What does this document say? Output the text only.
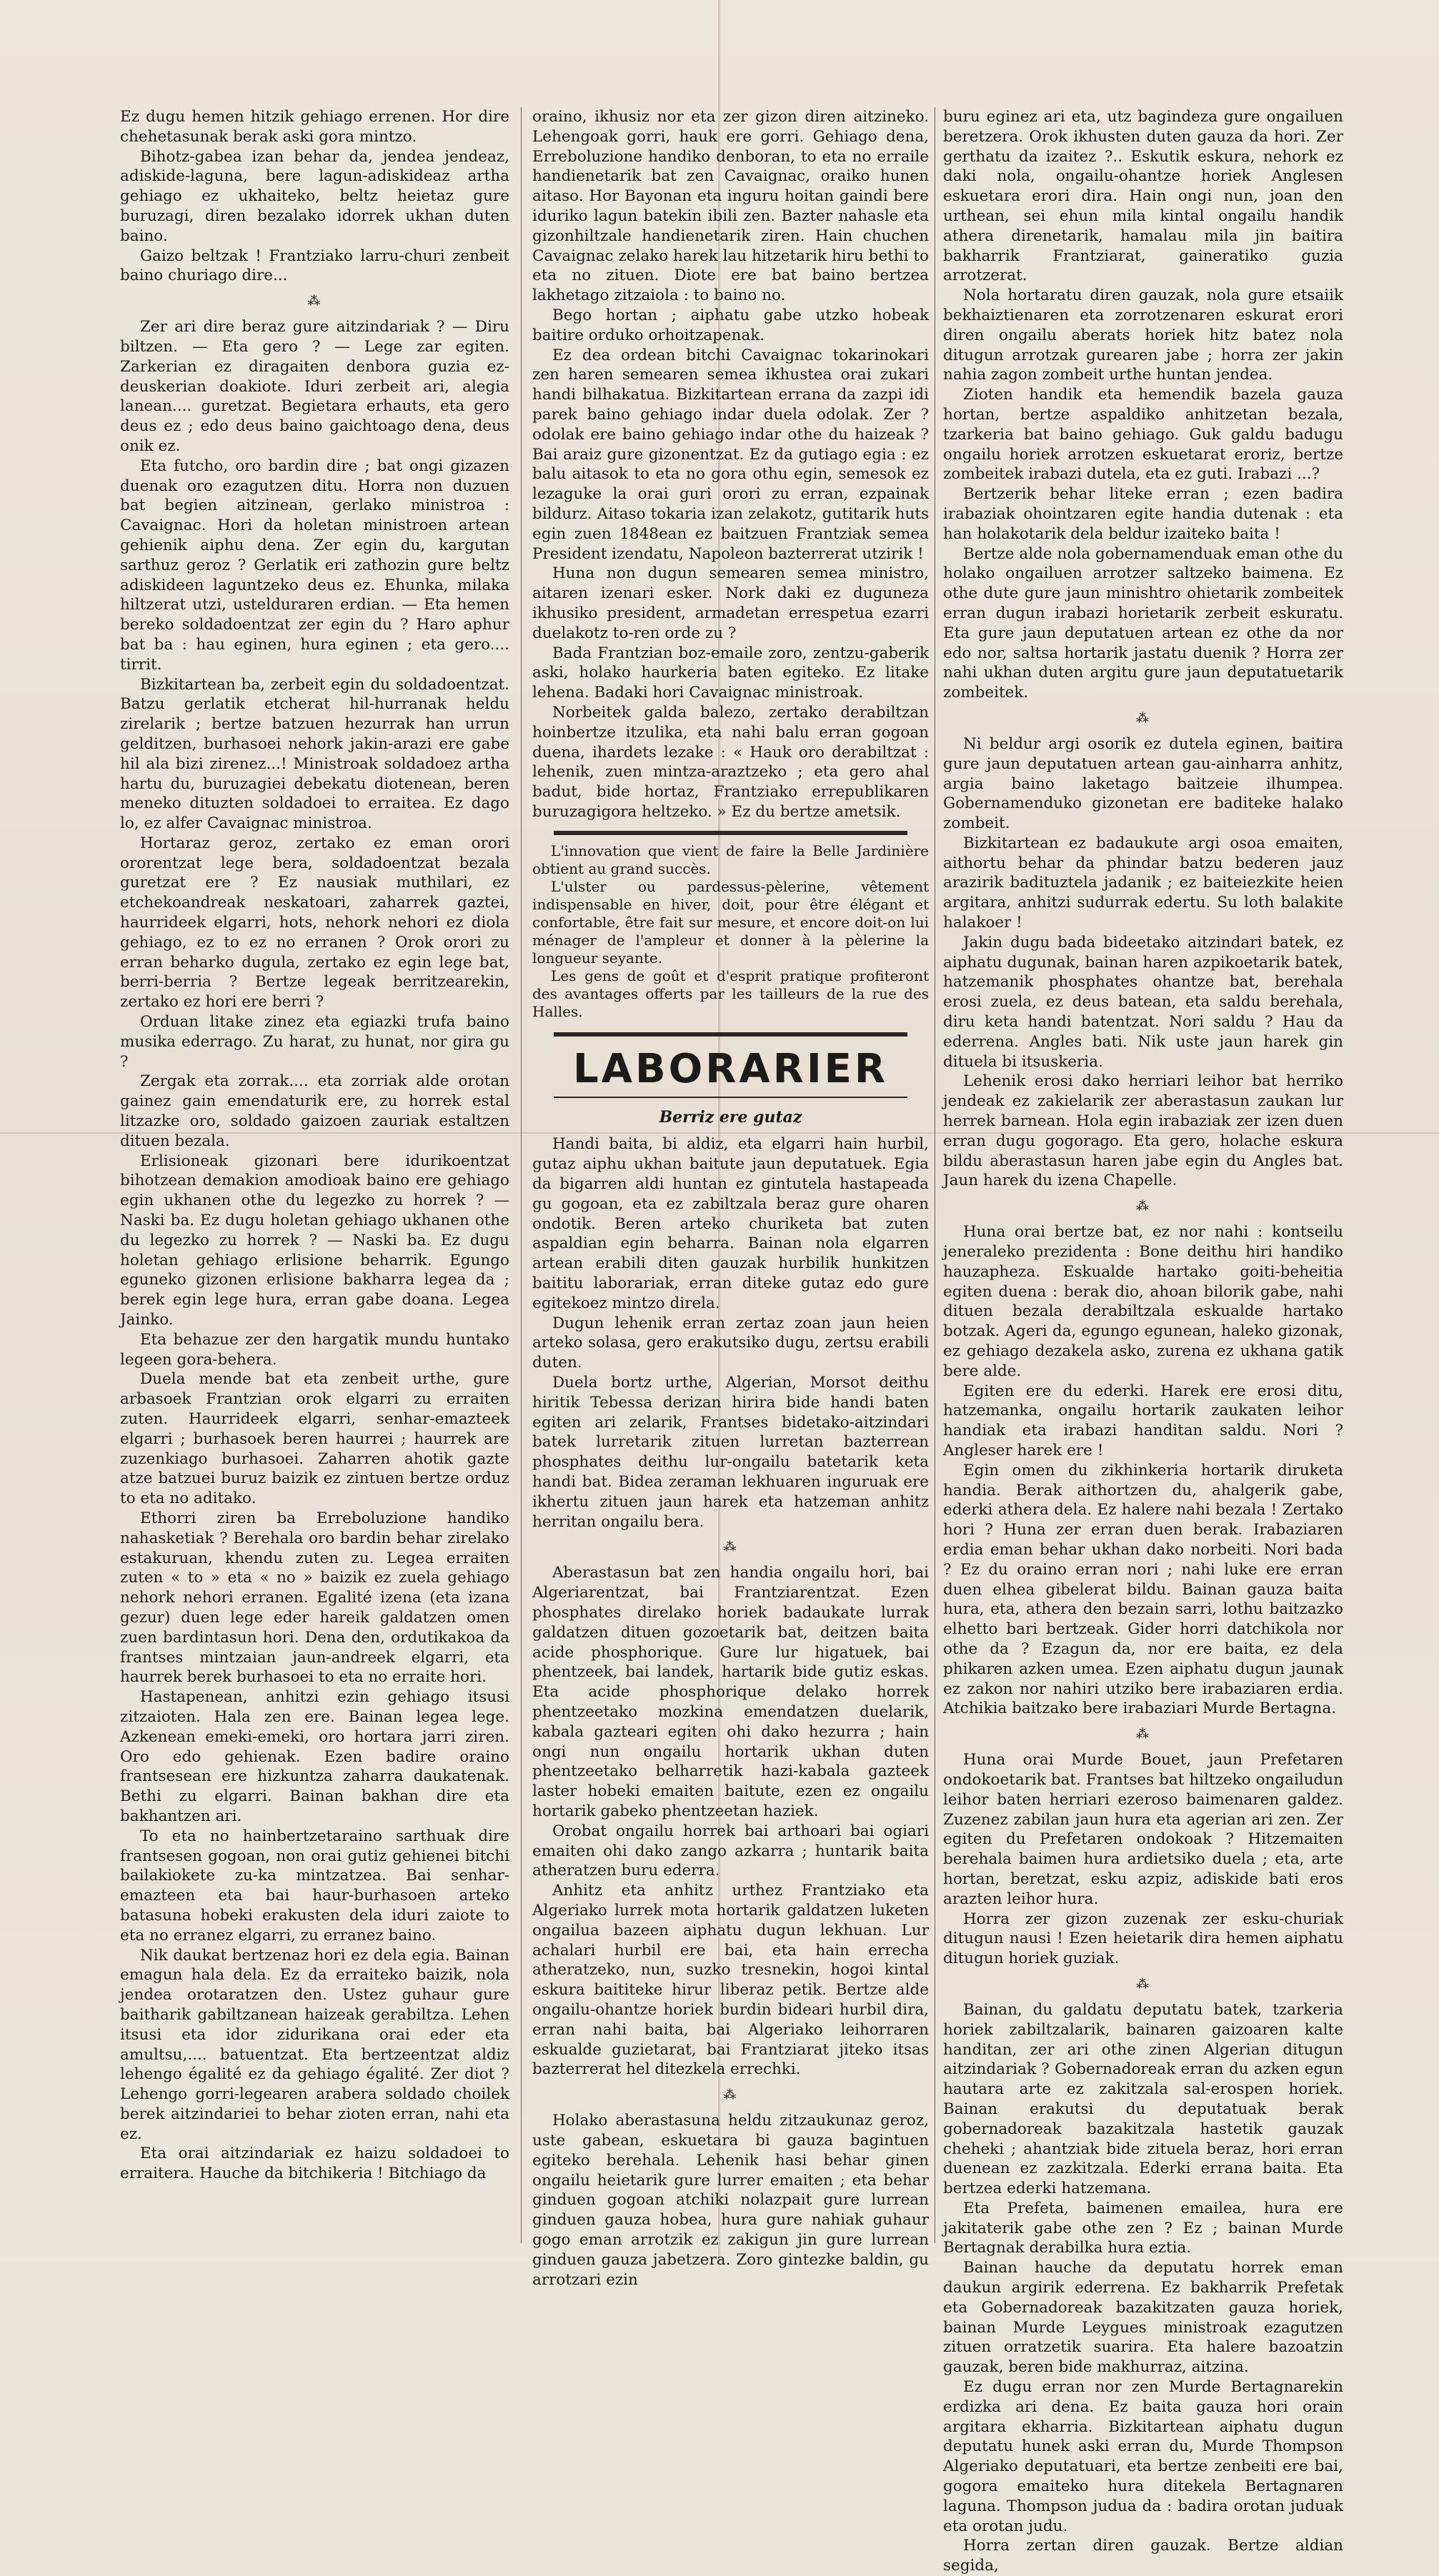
Ez dugu hemen hitzik gehiago errenen. Hor dire chehetasunak berak aski gora mintzo.

Bihotz-gabea izan behar da, jendea jendeaz, adiskide-laguna, bere lagun-adiskideaz artha gehiago ez ukhaiteko, beltz heietaz gure buruzagi, diren bezalako idorrek ukhan duten baino.

Gaizo beltzak ! Frantziako larru-churi zenbeit baino churiago dire...

⁂

Zer ari dire beraz gure aitzindariak ? — Diru biltzen. — Eta gero ? — Lege zar egiten. Zarkerian ez diragaiten denbora guzia ez-deuskerian doakiote. Iduri zerbeit ari, alegia lanean.... guretzat. Begietara erhauts, eta gero deus ez ; edo deus baino gaichtoago dena, deus onik ez.

Eta futcho, oro bardin dire ; bat ongi gizazen duenak oro ezagutzen ditu. Horra non duzuen bat begien aitzinean, gerlako ministroa : Cavaignac. Hori da holetan ministroen artean gehienik aiphu dena. Zer egin du, kargutan sarthuz geroz ? Gerlatik eri zathozin gure beltz adiskideen laguntzeko deus ez. Ehunka, milaka hiltzerat utzi, ustelduraren erdian. — Eta hemen bereko soldadoentzat zer egin du ? Haro aphur bat ba : hau eginen, hura eginen ; eta gero.... tirrit.

Bizkitartean ba, zerbeit egin du soldadoentzat. Batzu gerlatik etcherat hil-hurranak heldu zirelarik ; bertze batzuen hezurrak han urrun gelditzen, burhasoei nehork jakin-arazi ere gabe hil ala bizi zirenez...! Ministroak soldadoez artha hartu du, buruzagiei debekatu diotenean, beren meneko dituzten soldadoei to erraitea. Ez dago lo, ez alfer Cavaignac ministroa.

Hortaraz geroz, zertako ez eman orori ororentzat lege bera, soldadoentzat bezala guretzat ere ? Ez nausiak muthilari, ez etchekoandreak neskatoari, zaharrek gaztei, haurrideek elgarri, hots, nehork nehori ez diola gehiago, ez to ez no erranen ? Orok orori zu erran beharko dugula, zertako ez egin lege bat, berri-berria ? Bertze legeak berritzearekin, zertako ez hori ere berri ?

Orduan litake zinez eta egiazki trufa baino musika ederrago. Zu harat, zu hunat, nor gira gu ?

Zergak eta zorrak.... eta zorriak alde orotan gainez gain emendaturik ere, zu horrek estal litzazke oro, soldado gaizoen zauriak estaltzen dituen bezala.

Erlisioneak gizonari bere idurikoentzat bihotzean demakion amodioak baino ere gehiago egin ukhanen othe du legezko zu horrek ? — Naski ba. Ez dugu holetan gehiago ukhanen othe du legezko zu horrek ? — Naski ba. Ez dugu holetan gehiago erlisione beharrik. Egungo eguneko gizonen erlisione bakharra legea da ; berek egin lege hura, erran gabe doana. Legea Jainko.

Eta behazue zer den hargatik mundu huntako legeen gora-behera.

Duela mende bat eta zenbeit urthe, gure arbasoek Frantzian orok elgarri zu erraiten zuten. Haurrideek elgarri, senhar-emazteek elgarri ; burhasoek beren haurrei ; haurrek are zuzenkiago burhasoei. Zaharren ahotik gazte atze batzuei buruz baizik ez zintuen bertze orduz to eta no aditako.

Ethorri ziren ba Erreboluzione handiko nahasketiak ? Berehala oro bardin behar zirelako estakuruan, khendu zuten zu. Legea erraiten zuten « to » eta « no » baizik ez zuela gehiago nehork nehori erranen. Egalité izena (eta izana gezur) duen lege eder hareik galdatzen omen zuen bardintasun hori. Dena den, ordutikakoa da frantses mintzaian jaun-andreek elgarri, eta haurrek berek burhasoei to eta no erraite hori.

Hastapenean, anhitzi ezin gehiago itsusi zitzaioten. Hala zen ere. Bainan legea lege. Azkenean emeki-emeki, oro hortara jarri ziren. Oro edo gehienak. Ezen badire oraino frantsesean ere hizkuntza zaharra daukatenak. Bethi zu elgarri. Bainan bakhan dire eta bakhantzen ari.

To eta no hainbertzetaraino sarthuak dire frantsesen gogoan, non orai gutiz gehienei bitchi bailakiokete zu-ka mintzatzea. Bai senhar-emazteen eta bai haur-burhasoen arteko batasuna hobeki erakusten dela iduri zaiote to eta no erranez elgarri, zu erranez baino.

Nik daukat bertzenaz hori ez dela egia. Bainan emagun hala dela. Ez da erraiteko baizik, nola jendea orotaratzen den. Ustez guhaur gure baitharik gabiltzanean haizeak gerabiltza. Lehen itsusi eta idor zidurikana orai eder eta amultsu,.... batuentzat. Eta bertzeentzat aldiz lehengo égalité ez da gehiago égalité. Zer diot ? Lehengo gorri-legearen arabera soldado choilek berek aitzindariei to behar zioten erran, nahi eta ez.

Eta orai aitzindariak ez haizu soldadoei to erraitera. Hauche da bitchikeria ! Bitchiago da

oraino, ikhusiz nor eta zer gizon diren aitzineko. Lehengoak gorri, hauk ere gorri. Gehiago dena, Erreboluzione handiko denboran, to eta no erraile handienetarik bat zen Cavaignac, oraiko hunen aitaso. Hor Bayonan eta inguru hoitan gaindi bere iduriko lagun batekin ibili zen. Bazter nahasle eta gizonhiltzale handienetarik ziren. Hain chuchen Cavaignac zelako harek lau hitzetarik hiru bethi to eta no zituen. Diote ere bat baino bertzea lakhetago zitzaiola : to baino no.

Bego hortan ; aiphatu gabe utzko hobeak baitire orduko orhoitzapenak.

Ez dea ordean bitchi Cavaignac tokarinokari zen haren semearen semea ikhustea orai zukari handi bilhakatua. Bizkitartean errana da zazpi idi parek baino gehiago indar duela odolak. Zer ? odolak ere baino gehiago indar othe du haizeak ? Bai araiz gure gizonentzat. Ez da gutiago egia : ez balu aitasok to eta no gora othu egin, semesok ez lezaguke la orai guri orori zu erran, ezpainak bildurz. Aitaso tokaria izan zelakotz, gutitarik huts egin zuen 1848ean ez baitzuen Frantziak semea President izendatu, Napoleon bazterrerat utzirik !

Huna non dugun semearen semea ministro, aitaren izenari esker. Nork daki ez duguneza ikhusiko president, armadetan errespetua ezarri duelakotz to-ren orde zu ?

Bada Frantzian boz-emaile zoro, zentzu-gaberik aski, holako haurkeria baten egiteko. Ez litake lehena. Badaki hori Cavaignac ministroak.

Norbeitek galda balezo, zertako derabiltzan hoinbertze itzulika, eta nahi balu erran gogoan duena, ihardets lezake : « Hauk oro derabiltzat : lehenik, zuen mintza-araztzeko ; eta gero ahal badut, bide hortaz, Frantziako errepublikaren buruzagigora heltzeko. » Ez du bertze ametsik.

L'innovation que vient de faire la Belle Jardinière obtient au grand succès.

L'ulster ou pardessus-pèlerine, vêtement indispensable en hiver, doit, pour être élégant et confortable, être fait sur mesure, et encore doit-on lui ménager de l'ampleur et donner à la pèlerine la longueur seyante.

Les gens de goût et d'esprit pratique profiteront des avantages offerts par les tailleurs de la rue des Halles.

LABORARIER
Berriz ere gutaz

Handi baita, bi aldiz, eta elgarri hain hurbil, gutaz aiphu ukhan baitute jaun deputatuek. Egia da bigarren aldi huntan ez gintutela hastapeada gu gogoan, eta ez zabiltzala beraz gure oharen ondotik. Beren arteko churiketa bat zuten aspaldian egin beharra. Bainan nola elgarren artean erabili diten gauzak hurbilik hunkitzen baititu laborariak, erran diteke gutaz edo gure egitekoez mintzo direla.

Dugun lehenik erran zertaz zoan jaun heien arteko solasa, gero erakutsiko dugu, zertsu erabili duten.

Duela bortz urthe, Algerian, Morsot deithu hiritik Tebessa derizan hirira bide handi baten egiten ari zelarik, Frantses bidetako-aitzindari batek lurretarik zituen lurretan bazterrean phosphates deithu lur-ongailu batetarik keta handi bat. Bidea zeraman lekhuaren inguruak ere ikhertu zituen jaun harek eta hatzeman anhitz herritan ongailu bera.

⁂

Aberastasun bat zen handia ongailu hori, bai Algeriarentzat, bai Frantziarentzat. Ezen phosphates direlako horiek badaukate lurrak galdatzen dituen gozoetarik bat, deitzen baita acide phosphorique. Gure lur higatuek, bai phentzeek, bai landek, hartarik bide gutiz eskas. Eta acide phosphorique delako horrek phentzeetako mozkina emendatzen duelarik, kabala gazteari egiten ohi dako hezurra ; hain ongi nun ongailu hortarik ukhan duten phentzeetako belharretik hazi-kabala gazteek laster hobeki emaiten baitute, ezen ez ongailu hortarik gabeko phentzeetan haziek.

Orobat ongailu horrek bai arthoari bai ogiari emaiten ohi dako zango azkarra ; huntarik baita atheratzen buru ederra.

Anhitz eta anhitz urthez Frantziako eta Algeriako lurrek mota hortarik galdatzen luketen ongailua bazeen aiphatu dugun lekhuan. Lur achalari hurbil ere bai, eta hain errecha atheratzeko, nun, suzko tresnekin, hogoi kintal eskura baititeke hirur liberaz petik. Bertze alde ongailu-ohantze horiek burdin bideari hurbil dira, erran nahi baita, bai Algeriako leihorraren eskualde guzietarat, bai Frantziarat jiteko itsas bazterrerat hel ditezkela errechki.

⁂

Holako aberastasuna heldu zitzaukunaz geroz, uste gabean, eskuetara bi gauza bagintuen egiteko berehala. Lehenik hasi behar ginen ongailu heietarik gure lurrer emaiten ; eta behar ginduen gogoan atchiki nolazpait gure lurrean ginduen gauza hobea, hura gure nahiak guhaur gogo eman arrotzik ez zakigun jin gure lurrean ginduen gauza jabetzera. Zoro gintezke baldin, gu arrotzari ezin

buru eginez ari eta, utz bagindeza gure ongailuen beretzera. Orok ikhusten duten gauza da hori. Zer gerthatu da izaitez ?.. Eskutik eskura, nehork ez daki nola, ongailu-ohantze horiek Anglesen eskuetara erori dira. Hain ongi nun, joan den urthean, sei ehun mila kintal ongailu handik athera direnetarik, hamalau mila jin baitira bakharrik Frantziarat, gaineratiko guzia arrotzerat.

Nola hortaratu diren gauzak, nola gure etsaiik bekhaiztienaren eta zorrotzenaren eskurat erori diren ongailu aberats horiek hitz batez nola ditugun arrotzak gurearen jabe ; horra zer jakin nahia zagon zombeit urthe huntan jendea.

Zioten handik eta hemendik bazela gauza hortan, bertze aspaldiko anhitzetan bezala, tzarkeria bat baino gehiago. Guk galdu badugu ongailu horiek arrotzen eskuetarat eroriz, bertze zombeitek irabazi dutela, eta ez guti. Irabazi ...?

Bertzerik behar liteke erran ; ezen badira irabaziak ohointzaren egite handia dutenak : eta han holakotarik dela beldur izaiteko baita !

Bertze alde nola gobernamenduak eman othe du holako ongailuen arrotzer saltzeko baimena. Ez othe dute gure jaun minishtro ohietarik zombeitek erran dugun irabazi horietarik zerbeit eskuratu. Eta gure jaun deputatuen artean ez othe da nor edo nor, saltsa hortarik jastatu duenik ? Horra zer nahi ukhan duten argitu gure jaun deputatuetarik zombeitek.

⁂

Ni beldur argi osorik ez dutela eginen, baitira gure jaun deputatuen artean gau-ainharra anhitz, argia baino laketago baitzeie ilhumpea. Gobernamenduko gizonetan ere baditeke halako zombeit.

Bizkitartean ez badaukute argi osoa emaiten, aithortu behar da phindar batzu bederen jauz arazirik badituztela jadanik ; ez baiteiezkite heien argitara, anhitzi sudurrak edertu. Su loth balakite halakoer !

Jakin dugu bada bideetako aitzindari batek, ez aiphatu dugunak, bainan haren azpikoetarik batek, hatzemanik phosphates ohantze bat, berehala erosi zuela, ez deus batean, eta saldu berehala, diru keta handi batentzat. Nori saldu ? Hau da ederrena. Angles bati. Nik uste jaun harek gin dituela bi itsuskeria.

Lehenik erosi dako herriari leihor bat herriko jendeak ez zakielarik zer aberastasun zaukan lur herrek barnean. Hola egin irabaziak zer izen duen erran dugu gogorago. Eta gero, holache eskura bildu aberastasun haren jabe egin du Angles bat. Jaun harek du izena Chapelle.

⁂

Huna orai bertze bat, ez nor nahi : kontseilu jeneraleko prezidenta : Bone deithu hiri handiko hauzapheza. Eskualde hartako goiti-beheitia egiten duena : berak dio, ahoan bilorik gabe, nahi dituen bezala derabiltzala eskualde hartako botzak. Ageri da, egungo egunean, haleko gizonak, ez gehiago dezakela asko, zurena ez ukhana gatik bere alde.

Egiten ere du ederki. Harek ere erosi ditu, hatzemanka, ongailu hortarik zaukaten leihor handiak eta irabazi handitan saldu. Nori ? Angleser harek ere !

Egin omen du zikhinkeria hortarik diruketa handia. Berak aithortzen du, ahalgerik gabe, ederki athera dela. Ez halere nahi bezala ! Zertako hori ? Huna zer erran duen berak. Irabaziaren erdia eman behar ukhan dako norbeiti. Nori bada ? Ez du oraino erran nori ; nahi luke ere erran duen elhea gibelerat bildu. Bainan gauza baita hura, eta, athera den bezain sarri, lothu baitzazko elhetto bari bertzeak. Gider horri datchikola nor othe da ? Ezagun da, nor ere baita, ez dela phikaren azken umea. Ezen aiphatu dugun jaunak ez zakon nor nahiri utziko bere irabaziaren erdia. Atchikia baitzako bere irabaziari Murde Bertagna.

⁂

Huna orai Murde Bouet, jaun Prefetaren ondokoetarik bat. Frantses bat hiltzeko ongailudun leihor baten herriari ezeroso baimenaren galdez. Zuzenez zabilan jaun hura eta agerian ari zen. Zer egiten du Prefetaren ondokoak ? Hitzemaiten berehala baimen hura ardietsiko duela ; eta, arte hortan, beretzat, esku azpiz, adiskide bati eros arazten leihor hura.

Horra zer gizon zuzenak zer esku-churiak ditugun nausi ! Ezen heietarik dira hemen aiphatu ditugun horiek guziak.

⁂

Bainan, du galdatu deputatu batek, tzarkeria horiek zabiltzalarik, bainaren gaizoaren kalte handitan, zer ari othe zinen Algerian ditugun aitzindariak ? Gobernadoreak erran du azken egun hautara arte ez zakitzala sal-erospen horiek. Bainan erakutsi du deputatuak berak gobernadoreak bazakitzala hastetik gauzak cheheki ; ahantziak bide zituela beraz, hori erran duenean ez zazkitzala. Ederki errana baita. Eta bertzea ederki hatzemana.

Eta Prefeta, baimenen emailea, hura ere jakitaterik gabe othe zen ? Ez ; bainan Murde Bertagnak derabilka hura eztia.

Bainan hauche da deputatu horrek eman daukun argirik ederrena. Ez bakharrik Prefetak eta Gobernadoreak bazakitzaten gauza horiek, bainan Murde Leygues ministroak ezagutzen zituen orratzetik suarira. Eta halere bazoatzin gauzak, beren bide makhurraz, aitzina.

Ez dugu erran nor zen Murde Bertagnarekin erdizka ari dena. Ez baita gauza hori orain argitara ekharria. Bizkitartean aiphatu dugun deputatu hunek aski erran du, Murde Thompson Algeriako deputatuari, eta bertze zenbeiti ere bai, gogora emaiteko hura ditekela Bertagnaren laguna. Thompson judua da : badira orotan juduak eta orotan judu.

Horra zertan diren gauzak. Bertze aldian segida,
